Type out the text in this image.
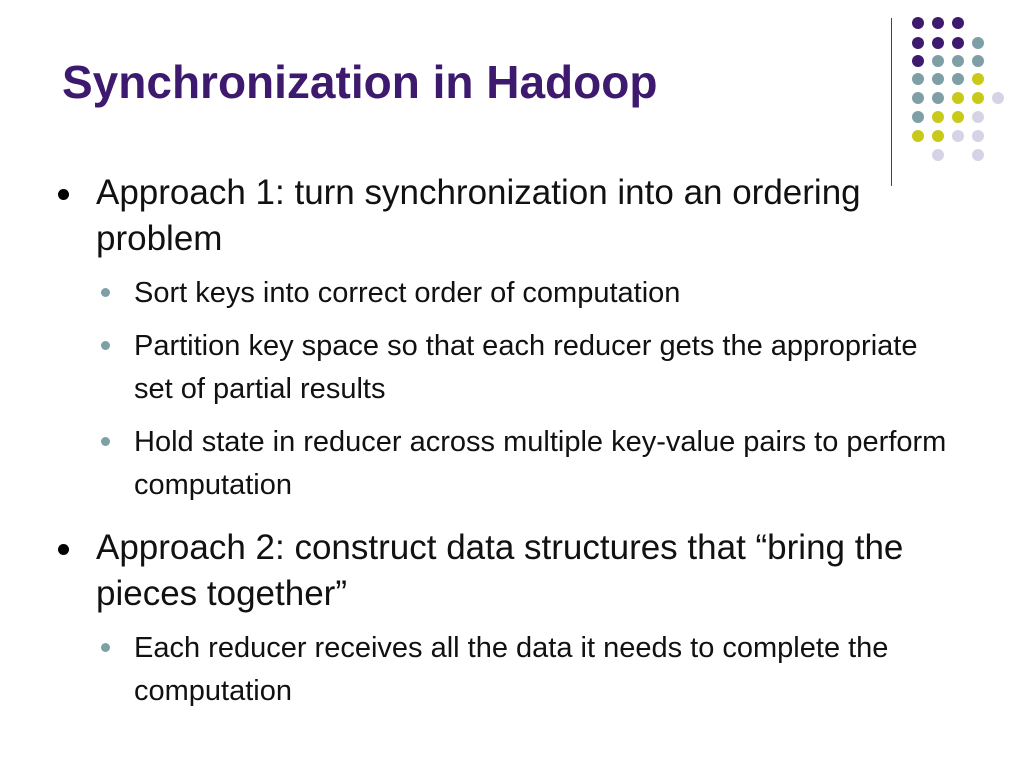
Synchronization in Hadoop

Approach 1: turn synchronization into an ordering problem

Sort keys into correct order of computation

Partition key space so that each reducer gets the appropriate set of partial results

Hold state in reducer across multiple key-value pairs to perform computation

Approach 2: construct data structures that “bring the pieces together”

Each reducer receives all the data it needs to complete the computation
